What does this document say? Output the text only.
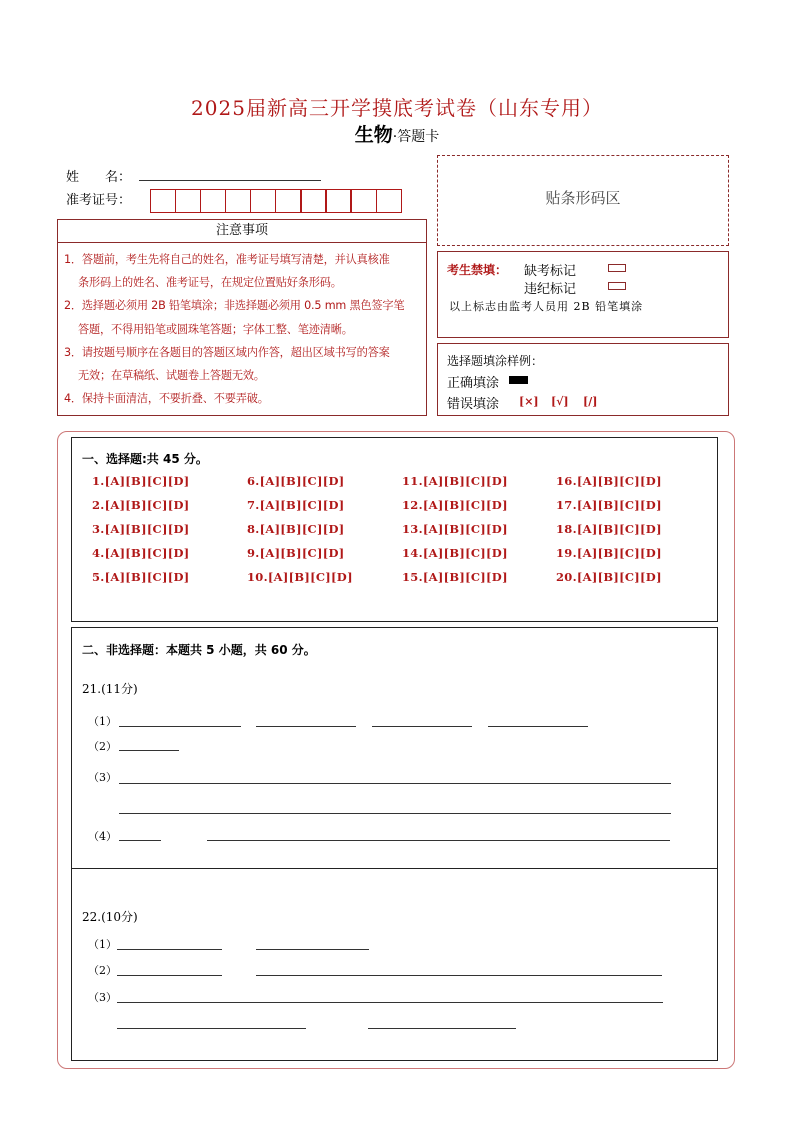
2025届新高三开学摸底考试卷（山东专用）
生物·答题卡
姓　　名：
准考证号：	贴条形码区
注意事项

1．答题前，考生先将自己的姓名，准考证号填写清楚，并认真核准

条形码上的姓名、准考证号，在规定位置贴好条形码。

2．选择题必须用 2B 铅笔填涂；非选择题必须用 0.5 mm 黑色签字笔

答题，不得用铅笔或圆珠笔答题；字体工整、笔迹清晰。

3．请按题号顺序在各题目的答题区域内作答，超出区域书写的答案

无效；在草稿纸、试题卷上答题无效。

4．保持卡面清洁，不要折叠、不要弄破。

考生禁填： 缺考标记
违纪标记
以上标志由监考人员用 2B 铅笔填涂
选择题填涂样例：
正确填涂
错误填涂 [×] [√] [/]
一、选择题:共 45 分。
1.[A][B][C][D]
2.[A][B][C][D]
3.[A][B][C][D]
4.[A][B][C][D]
5.[A][B][C][D]
6.[A][B][C][D]
7.[A][B][C][D]
8.[A][B][C][D]
9.[A][B][C][D]
10.[A][B][C][D]
11.[A][B][C][D]
12.[A][B][C][D]
13.[A][B][C][D]
14.[A][B][C][D]
15.[A][B][C][D]
16.[A][B][C][D]
17.[A][B][C][D]
18.[A][B][C][D]
19.[A][B][C][D]
20.[A][B][C][D]
二、非选择题：本题共 5 小题，共 60 分。
21.(11分)
（1）
（2）
（3）
（4）
22.(10分)
（1）
（2）
（3）
